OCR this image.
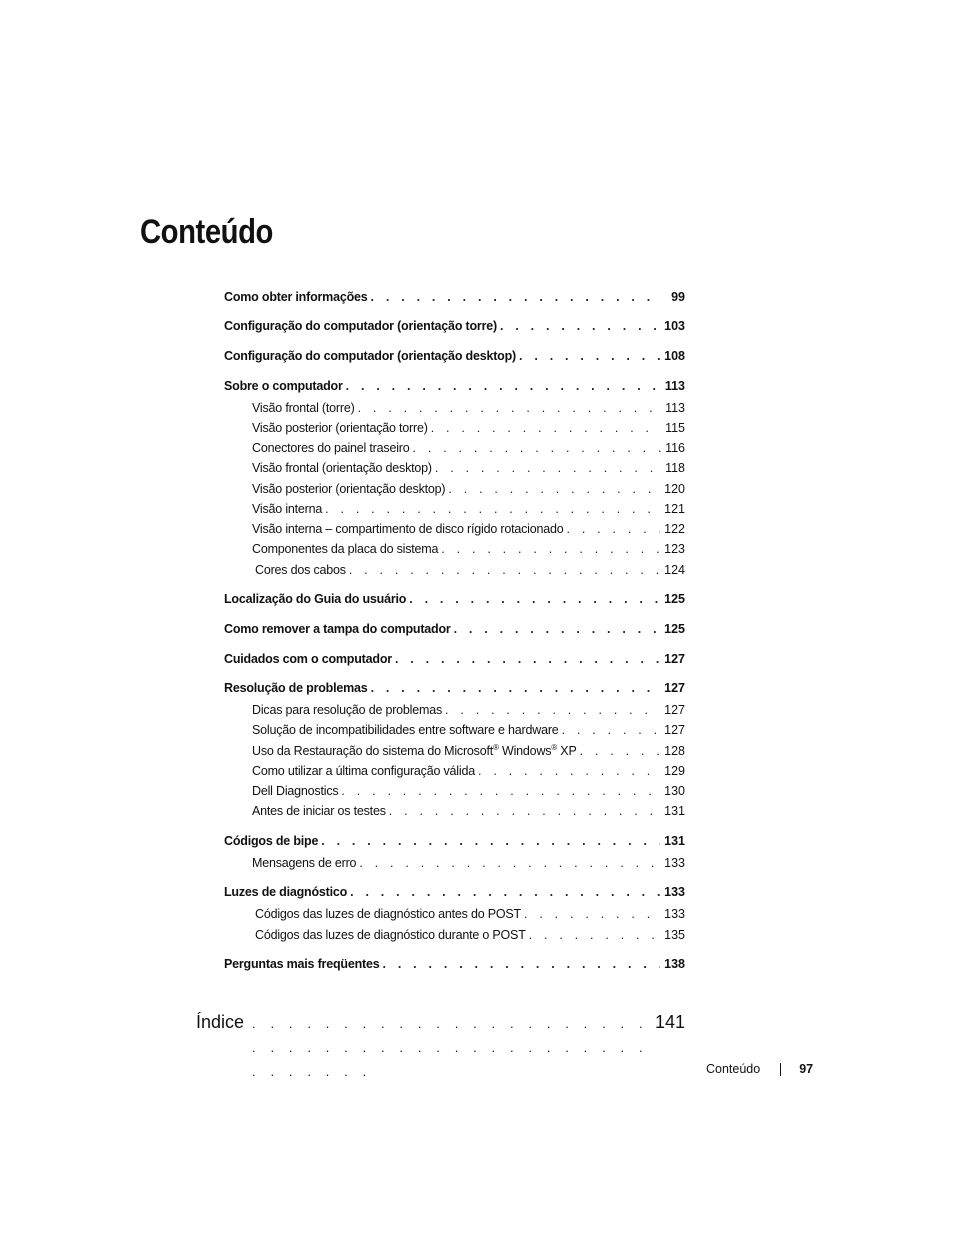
Conteúdo
Como obter informações . . .	99
Configuração do computador (orientação torre) . . .	103
Configuração do computador (orientação desktop) . . .	108
Sobre o computador . . .	113
Visão frontal (torre) . . .	113
Visão posterior (orientação torre) . . .	115
Conectores do painel traseiro . . .	116
Visão frontal (orientação desktop) . . .	118
Visão posterior (orientação desktop) . . .	120
Visão interna . . .	121
Visão interna – compartimento de disco rígido rotacionado . . .	122
Componentes da placa do sistema . . .	123
Cores dos cabos . . .	124
Localização do Guia do usuário . . .	125
Como remover a tampa do computador . . .	125
Cuidados com o computador . . .	127
Resolução de problemas . . .	127
Dicas para resolução de problemas . . .	127
Solução de incompatibilidades entre software e hardware . . .	127
Uso da Restauração do sistema do Microsoft® Windows® XP . . .	128
Como utilizar a última configuração válida . . .	129
Dell Diagnostics . . .	130
Antes de iniciar os testes . . .	131
Códigos de bipe . . .	131
Mensagens de erro . . .	133
Luzes de diagnóstico . . .	133
Códigos das luzes de diagnóstico antes do POST . . .	133
Códigos das luzes de diagnóstico durante o POST . . .	135
Perguntas mais freqüentes . . .	138
Índice . . .	141
Conteúdo	97
